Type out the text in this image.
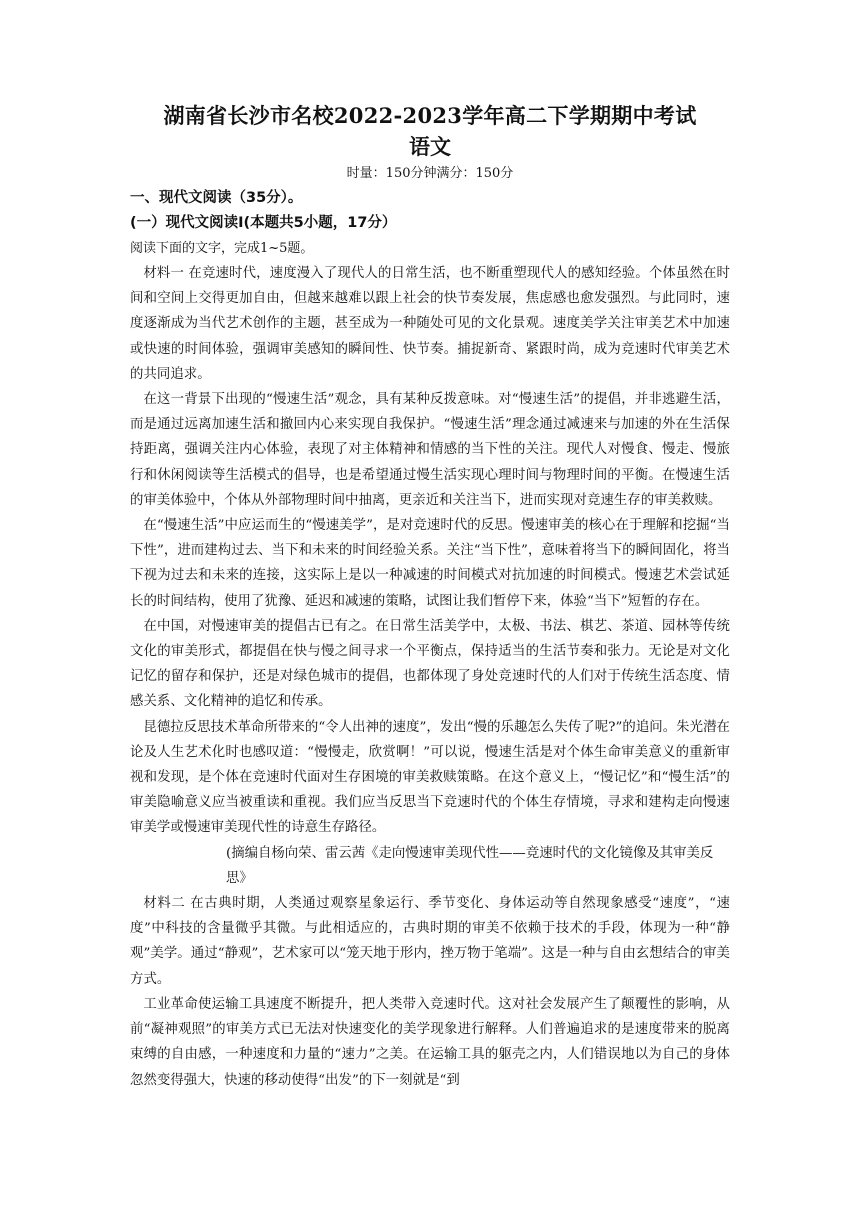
湖南省长沙市名校2022-2023学年高二下学期期中考试
语文

时量：150分钟满分：150分

一、现代文阅读（35分）。

(一）现代文阅读Ⅰ(本题共5小题，17分）

阅读下面的文字，完成1~5题。

材料一 在竞速时代，速度漫入了现代人的日常生活，也不断重塑现代人的感知经验。个体虽然在时间和空间上交得更加自由，但越来越难以跟上社会的快节奏发展，焦虑感也愈发强烈。与此同时，速度逐渐成为当代艺术创作的主题，甚至成为一种随处可见的文化景观。速度美学关注审美艺术中加速或快速的时间体验，强调审美感知的瞬间性、快节奏。捕捉新奇、紧跟时尚，成为竞速时代审美艺术的共同追求。

在这一背景下出现的“慢速生活”观念，具有某种反拨意味。对“慢速生活”的提倡，并非逃避生活，而是通过远离加速生活和撤回内心来实现自我保护。“慢速生活”理念通过减速来与加速的外在生活保持距离，强调关注内心体验，表现了对主体精神和情感的当下性的关注。现代人对慢食、慢走、慢旅行和休闲阅读等生活模式的倡导，也是希望通过慢生活实现心理时间与物理时间的平衡。在慢速生活的审美体验中，个体从外部物理时间中抽离，更亲近和关注当下，进而实现对竞速生存的审美救赎。

在“慢速生活”中应运而生的“慢速美学”，是对竞速时代的反思。慢速审美的核心在于理解和挖掘“当下性”，进而建构过去、当下和未来的时间经验关系。关注“当下性”，意味着将当下的瞬间固化，将当下视为过去和未来的连接，这实际上是以一种减速的时间模式对抗加速的时间模式。慢速艺术尝试延长的时间结构，使用了犹豫、延迟和减速的策略，试图让我们暂停下来，体验“当下”短暂的存在。

在中国，对慢速审美的提倡古已有之。在日常生活美学中，太极、书法、棋艺、茶道、园林等传统文化的审美形式，都提倡在快与慢之间寻求一个平衡点，保持适当的生活节奏和张力。无论是对文化记忆的留存和保护，还是对绿色城市的提倡，也都体现了身处竞速时代的人们对于传统生活态度、情感关系、文化精神的追忆和传承。

昆德拉反思技术革命所带来的“令人出神的速度”，发出“慢的乐趣怎么失传了呢?”的追问。朱光潜在论及人生艺术化时也感叹道：“慢慢走，欣赏啊！”可以说，慢速生活是对个体生命审美意义的重新审视和发现，是个体在竞速时代面对生存困境的审美救赎策略。在这个意义上，“慢记忆”和“慢生活”的审美隐喻意义应当被重读和重视。我们应当反思当下竞速时代的个体生存情境，寻求和建构走向慢速审美学或慢速审美现代性的诗意生存路径。

(摘编自杨向荣、雷云茜《走向慢速审美现代性——竞速时代的文化镜像及其审美反思》

材料二 在古典时期，人类通过观察星象运行、季节变化、身体运动等自然现象感受“速度”，“速度”中科技的含量微乎其微。与此相适应的，古典时期的审美不依赖于技术的手段，体现为一种“静观”美学。通过“静观”，艺术家可以“笼天地于形内，挫万物于笔端”。这是一种与自由玄想结合的审美方式。

工业革命使运输工具速度不断提升，把人类带入竞速时代。这对社会发展产生了颠覆性的影响，从前“凝神观照”的审美方式已无法对快速变化的美学现象进行解释。人们普遍追求的是速度带来的脱离束缚的自由感，一种速度和力量的“速力”之美。在运输工具的躯壳之内，人们错误地以为自己的身体忽然变得强大，快速的移动使得“出发”的下一刻就是“到
